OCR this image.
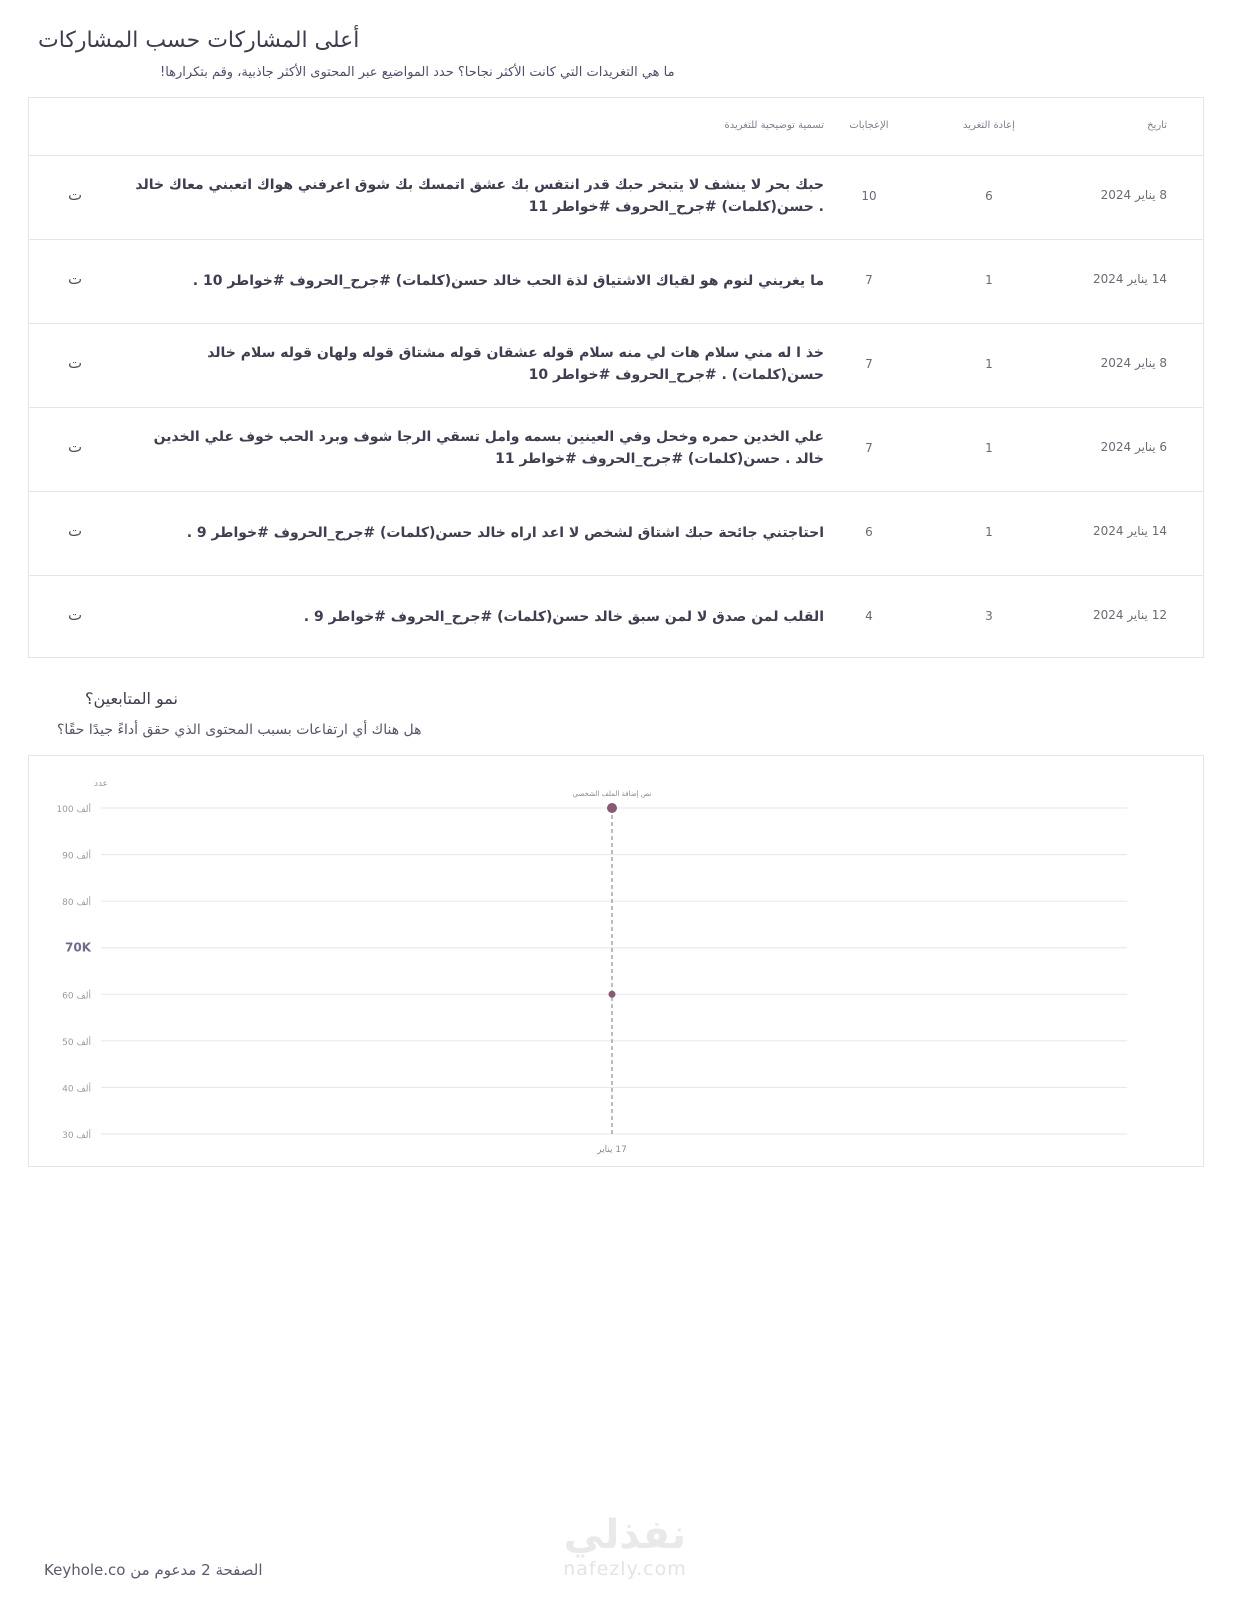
أعلى المشاركات حسب المشاركات

ما هي التغريدات التي كانت الأكثر نجاحا؟ حدد المواضيع عبر المحتوى الأكثر جاذبية، وقم بتكرارها!

تاريخ
إعادة التغريد
الإعجابات
تسمية توضيحية للتغريدة
8 يناير 2024
6
10
حبك بحر لا ينشف لا يتبخر حبك قدر انتفس بك عشق اتمسك بك شوق اعرفني هواك اتعبني معاك خالد . حسن(كلمات) #جرح_الحروف #خواطر 11
ت
14 يناير 2024
1
7
ما يغريني لنوم هو لقياك الاشتياق لذة الحب خالد حسن(كلمات) #جرح_الحروف #خواطر 10 .
ت
8 يناير 2024
1
7
خذ ا له مني سلام هات لي منه سلام قوله عشقان قوله مشتاق قوله ولهان قوله سلام خالد حسن(كلمات) . #جرح_الحروف #خواطر 10
ت
6 يناير 2024
1
7
علي الخدين حمره وخحل وفي العينين بسمه وامل تسقي الرجا شوف وبرد الحب خوف علي الخدين خالد . حسن(كلمات) #جرح_الحروف #خواطر 11
ت
14 يناير 2024
1
6
احتاجتني جائحة حبك اشتاق لشخص لا اعد اراه خالد حسن(كلمات) #جرح_الحروف #خواطر 9 .
ت
12 يناير 2024
3
4
القلب لمن صدق لا لمن سبق خالد حسن(كلمات) #جرح_الحروف #خواطر 9 .
ت
نمو المتابعين؟

هل هناك أي ارتفاعات بسبب المحتوى الذي حقق أداءً جيدًا حقًا؟

عدد
100 ألف
90 ألف
80 ألف
70K
60 ألف
50 ألف
40 ألف
30 ألف
نص إضافة الملف الشخصي
17 يناير
الصفحة 2 مدعوم من Keyhole.co
نفذلي
nafezly.com
